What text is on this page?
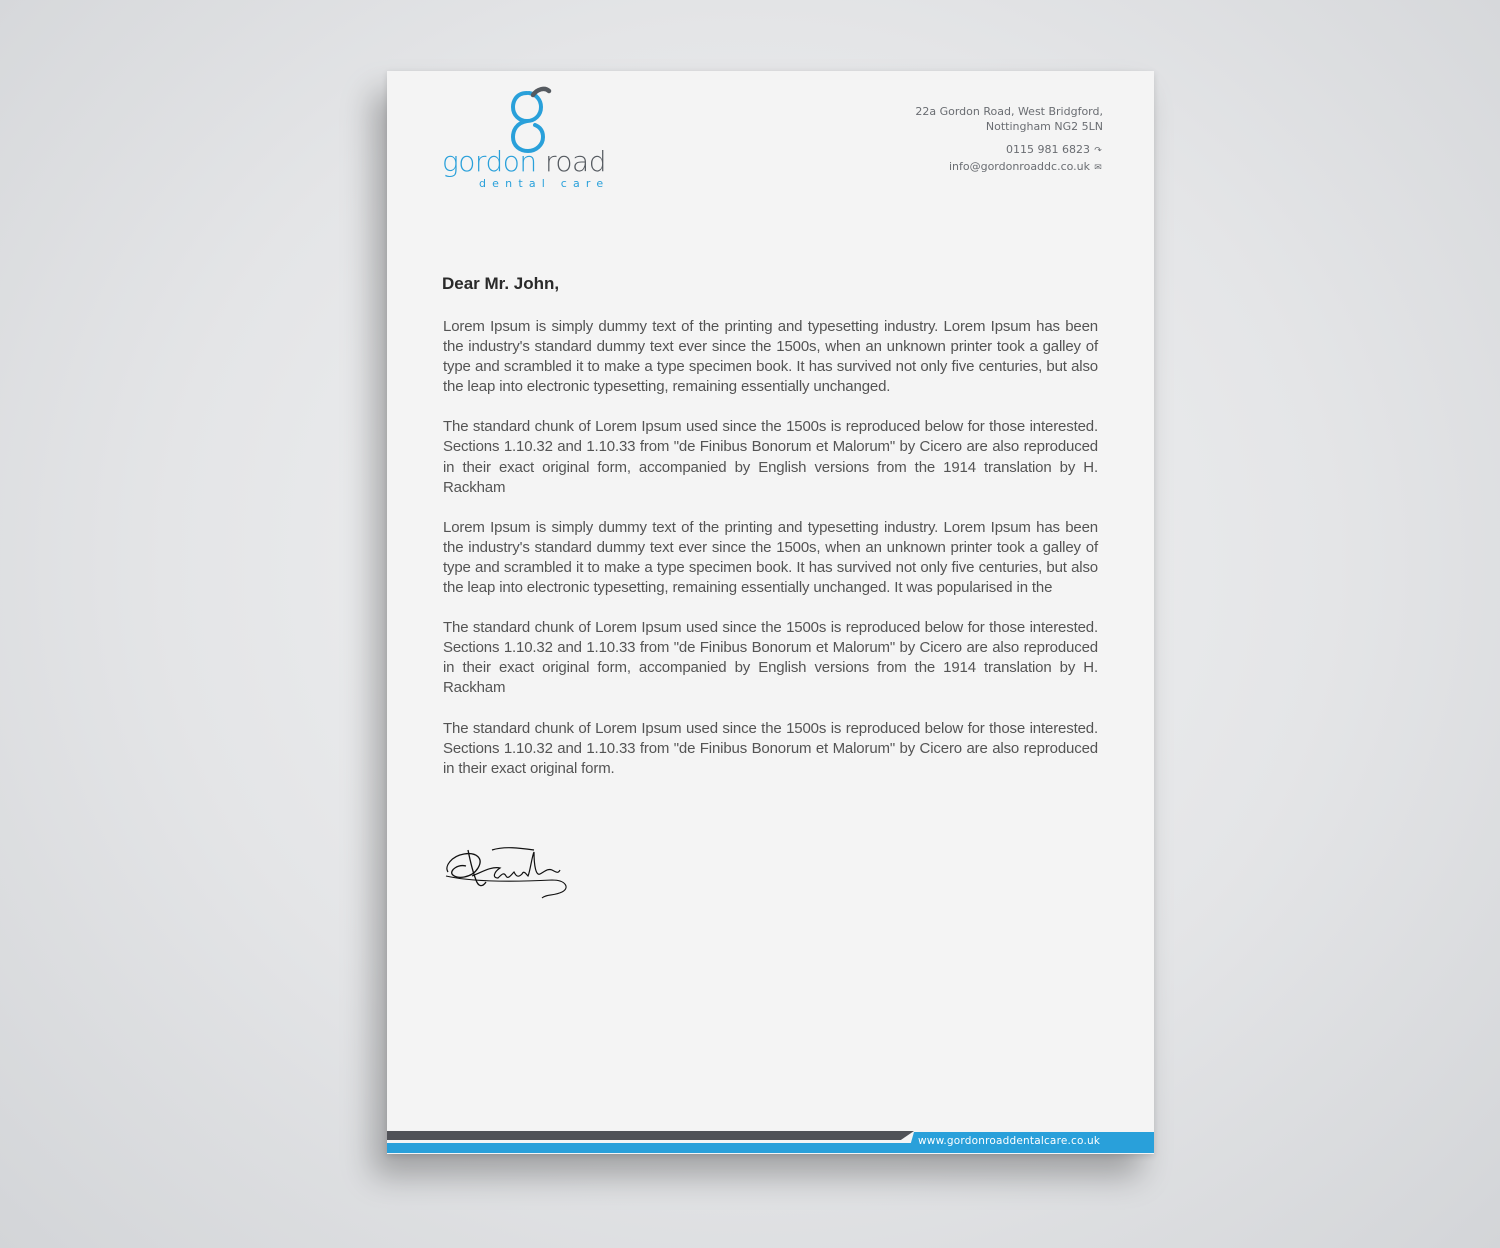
gordon road
dental care
22a Gordon Road, West Bridgford,
Nottingham NG2 5LN
0115 981 6823 ↷
info@gordonroaddc.co.uk ✉
Dear Mr. John,

Lorem Ipsum is simply dummy text of the printing and typesetting industry. Lorem Ipsum has been the industry's standard dummy text ever since the 1500s, when an unknown printer took a galley of type and scrambled it to make a type specimen book. It has survived not only five centuries, but also the leap into electronic typesetting, remaining essentially unchanged.

The standard chunk of Lorem Ipsum used since the 1500s is reproduced below for those interested. Sections 1.10.32 and 1.10.33 from "de Finibus Bonorum et Malorum" by Cicero are also reproduced in their exact original form, accompanied by English versions from the 1914 translation by H. Rackham

Lorem Ipsum is simply dummy text of the printing and typesetting industry. Lorem Ipsum has been the industry's standard dummy text ever since the 1500s, when an unknown printer took a galley of type and scrambled it to make a type specimen book. It has survived not only five centuries, but also the leap into electronic typesetting, remaining essentially unchanged. It was popularised in the

The standard chunk of Lorem Ipsum used since the 1500s is reproduced below for those interested. Sections 1.10.32 and 1.10.33 from "de Finibus Bonorum et Malorum" by Cicero are also reproduced in their exact original form, accompanied by English versions from the 1914 translation by H. Rackham

The standard chunk of Lorem Ipsum used since the 1500s is reproduced below for those interested. Sections 1.10.32 and 1.10.33 from "de Finibus Bonorum et Malorum" by Cicero are also reproduced in their exact original form.

www.gordonroaddentalcare.co.uk
